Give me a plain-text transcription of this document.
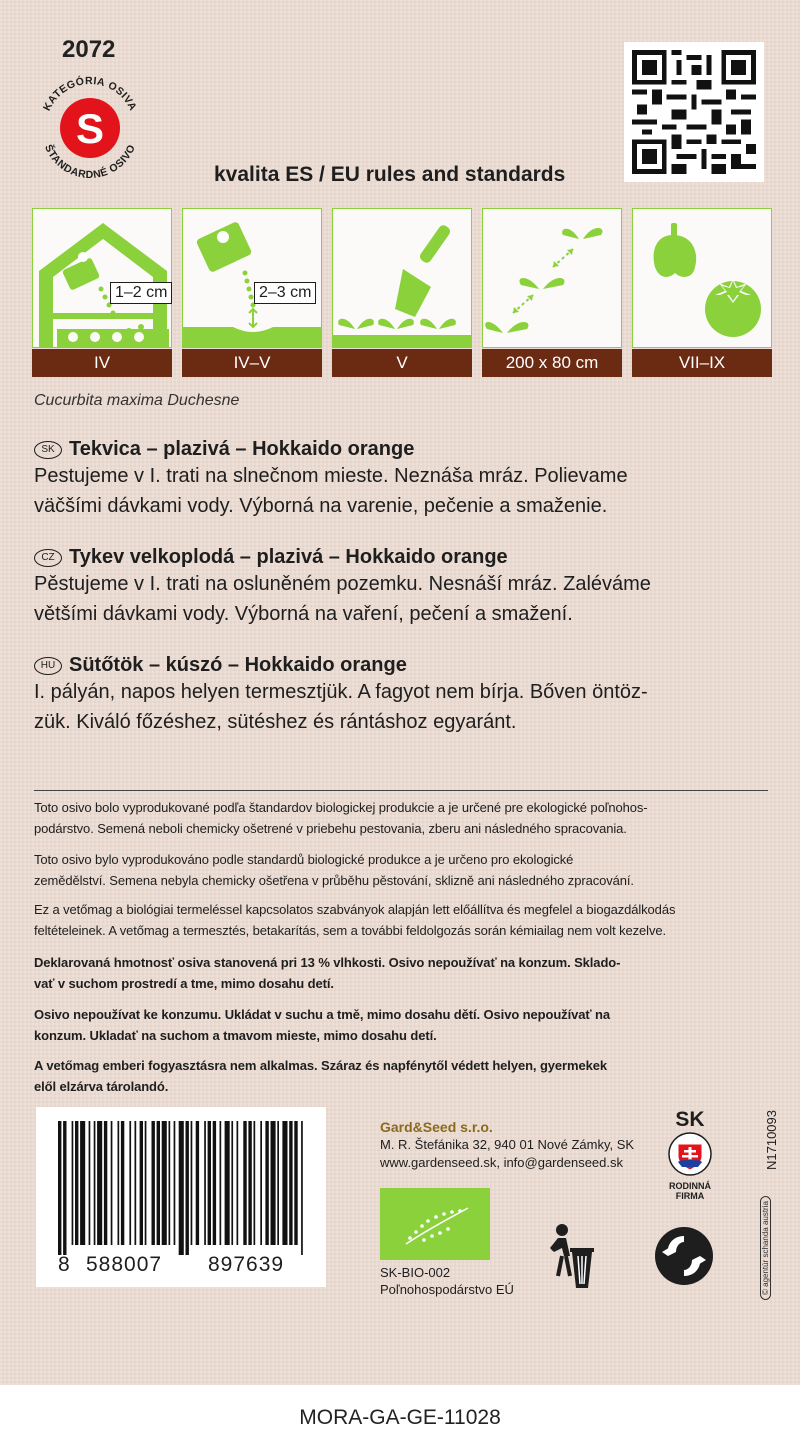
2072
KATEGÓRIA OSIVA
ŠTANDARDNÉ OSIVO
S
kvalita ES / EU rules and standards
1–2 cm
IV
2–3 cm
IV–V	V	200 x 80 cm	VII–IX
Cucurbita maxima Duchesne
SK Tekvica – plazivá – Hokkaido orange
Pestujeme v I. trati na slnečnom mieste. Neznáša mráz. Polievame
väčšími dávkami vody. Výborná na varenie, pečenie a smaženie.
CZ Tykev velkoplodá – plazivá – Hokkaido orange
Pěstujeme v I. trati na osluněném pozemku. Nesnáší mráz. Zaléváme
většími dávkami vody. Výborná na vaření, pečení a smažení.
HU Sütőtök – kúszó – Hokkaido orange
I. pályán, napos helyen termesztjük. A fagyot nem bírja. Bőven öntöz-
zük. Kiváló főzéshez, sütéshez és rántáshoz egyaránt.
Toto osivo bolo vyprodukované podľa štandardov biologickej produkcie a je určené pre ekologické poľnohos-
podárstvo. Semená neboli chemicky ošetrené v priebehu pestovania, zberu ani následného spracovania.
Toto osivo bylo vyprodukováno podle standardů biologické produkce a je určeno pro ekologické
zemědělství. Semena nebyla chemicky ošetřena v průběhu pěstování, sklizně ani následného zpracování.
Ez a vetőmag a biológiai termeléssel kapcsolatos szabványok alapján lett előállítva és megfelel a biogazdálkodás
feltételeinek. A vetőmag a termesztés, betakarítás, sem a további feldolgozás során kémiailag nem volt kezelve.
Deklarovaná hmotnosť osiva stanovená pri 13 % vlhkosti. Osivo nepoužívať na konzum. Sklado-
vať v suchom prostredí a tme, mimo dosahu detí.
Osivo nepoužívat ke konzumu. Ukládat v suchu a tmě, mimo dosahu dětí. Osivo nepoužívať na
konzum. Ukladať na suchom a tmavom mieste, mimo dosahu detí.
A vetőmag emberi fogyasztásra nem alkalmas. Száraz és napfénytől védett helyen, gyermekek
elől elzárva tárolandó.
8 588007 897639
Gard&Seed s.r.o.
M. R. Štefánika 32, 940 01 Nové Zámky, SK
www.gardenseed.sk, info@gardenseed.sk
SK-BIO-002
Poľnohospodárstvo EÚ
SK
RODINNÁ
FIRMA
N1710093
© agentúr schanda austria
MORA-GA-GE-11028
